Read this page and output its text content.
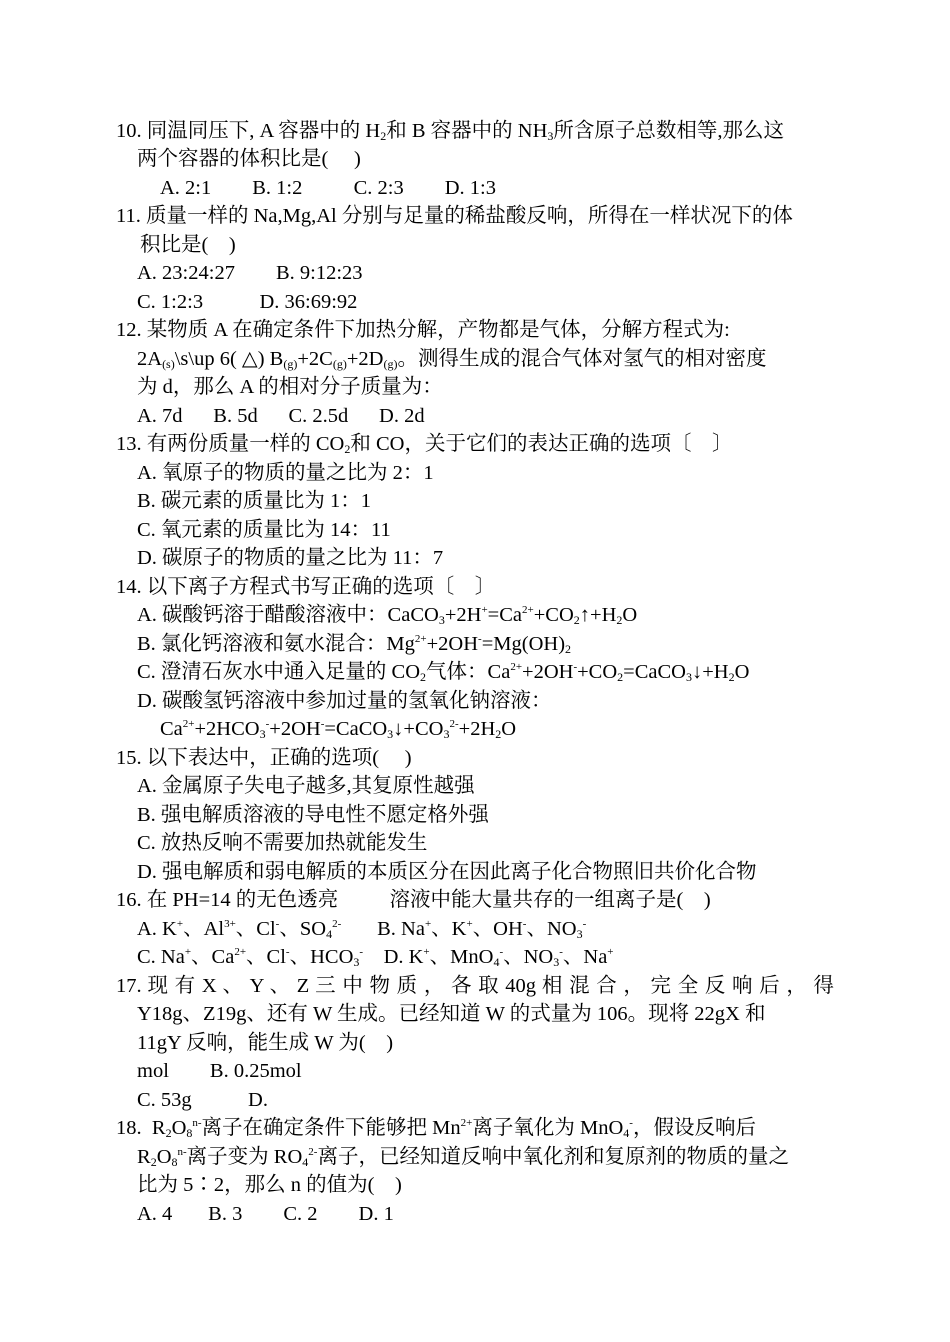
10. 同温同压下, A 容器中的 $H_2$和 B 容器中的 $NH_3$所含原子总数相等,那么这
两个容器的体积比是(     )
A. 2:1        B. 1:2          C. 2:3        D. 1:3
11. 质量一样的 Na,Mg,Al 分别与足量的稀盐酸反响，所得在一样状况下的体
积比是(    )
A. 23:24:27        B. 9:12:23
C. 1:2:3           D. 36:69:92
12. 某物质 A 在确定条件下加热分解，产物都是气体，分解方程式为:
$2A_{(s)}\backslash s\backslash up$ 6( △) $B_{(g)}+2C_{(g)}+2D_{(g)}$。测得生成的混合气体对氢气的相对密度
为 d，那么 A 的相对分子质量为：
A. 7d      B. 5d      C. 2.5d      D. 2d
13. 有两份质量一样的 $CO_2$和 CO，关于它们的表达正确的选项〔    〕
A. 氧原子的物质的量之比为 2：1
B. 碳元素的质量比为 1：1
C. 氧元素的质量比为 14：11
D. 碳原子的物质的量之比为 11：7
14. 以下离子方程式书写正确的选项〔    〕
A. 碳酸钙溶于醋酸溶液中：$CaCO_3+2H^+=Ca^{2+}+CO_2↑+H_2O$
B. 氯化钙溶液和氨水混合：$Mg^{2+}+2OH^-=Mg(OH)_2$
C. 澄清石灰水中通入足量的 $CO_2$气体：$Ca^{2+}+2OH^-+CO_2=CaCO_3↓+H_2O$
D. 碳酸氢钙溶液中参加过量的氢氧化钠溶液：
$Ca^{2+}+2HCO_3^-+2OH^-=CaCO_3↓+CO_3^{2-}+2H_2O$
15. 以下表达中，正确的选项(     )
A. 金属原子失电子越多,其复原性越强
B. 强电解质溶液的导电性不愿定格外强
C. 放热反响不需要加热就能发生
D. 强电解质和弱电解质的本质区分在因此离子化合物照旧共价化合物
16. 在 PH=14 的无色透亮          溶液中能大量共存的一组离子是(    )
A. K+、$Al^{3+}$、Cl-、$SO_4^{2-}$       B. Na+、K+、OH-、$NO_3^-$
C. Na+、$Ca^{2+}$、Cl-、$HCO_3^-$    D. K+、MnO$_4$-、$NO_3^-$、Na+
17. 现 有 X 、 Y 、 Z 三 中 物 质 ， 各 取 40g 相 混 合 ， 完 全 反 响 后 ， 得
Y18g、Z19g、还有 W 生成。已经知道 W 的式量为 106。现将 22gX 和
11gY 反响，能生成 W 为(    )
mol        B. 0.25mol
C. 53g           D.
18.  $R_2O_8^{n-}$离子在确定条件下能够把 $Mn^{2+}$离子氧化为 MnO$_4$-，假设反响后
$R_2O_8^{n-}$离子变为 $RO_4^{2-}$离子，已经知道反响中氧化剂和复原剂的物质的量之
比为 5∶2，那么 n 的值为(    )
A. 4       B. 3        C. 2        D. 1
